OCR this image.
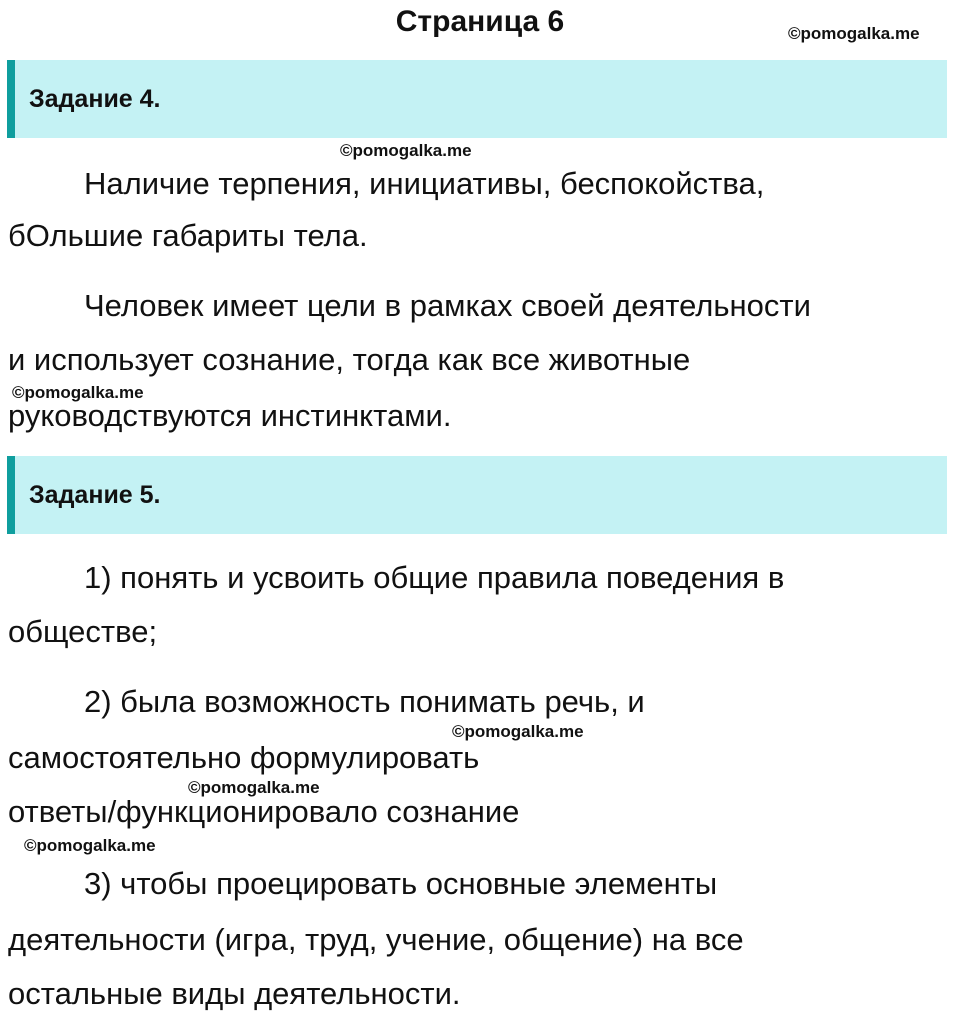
Страница 6	©pomogalka.me
©pomogalka.me
©pomogalka.me
©pomogalka.me
©pomogalka.me
©pomogalka.me
Задание 4.
Наличие терпения, инициативы, беспокойства,
бОльшие габариты тела.
Человек имеет цели в рамках своей деятельности
и использует сознание, тогда как все животные
руководствуются инстинктами.
Задание 5.
1) понять и усвоить общие правила поведения в
обществе;
2) была возможность понимать речь, и
самостоятельно формулировать
ответы/функционировало сознание
3) чтобы проецировать основные элементы
деятельности (игра, труд, учение, общение) на все
остальные виды деятельности.
